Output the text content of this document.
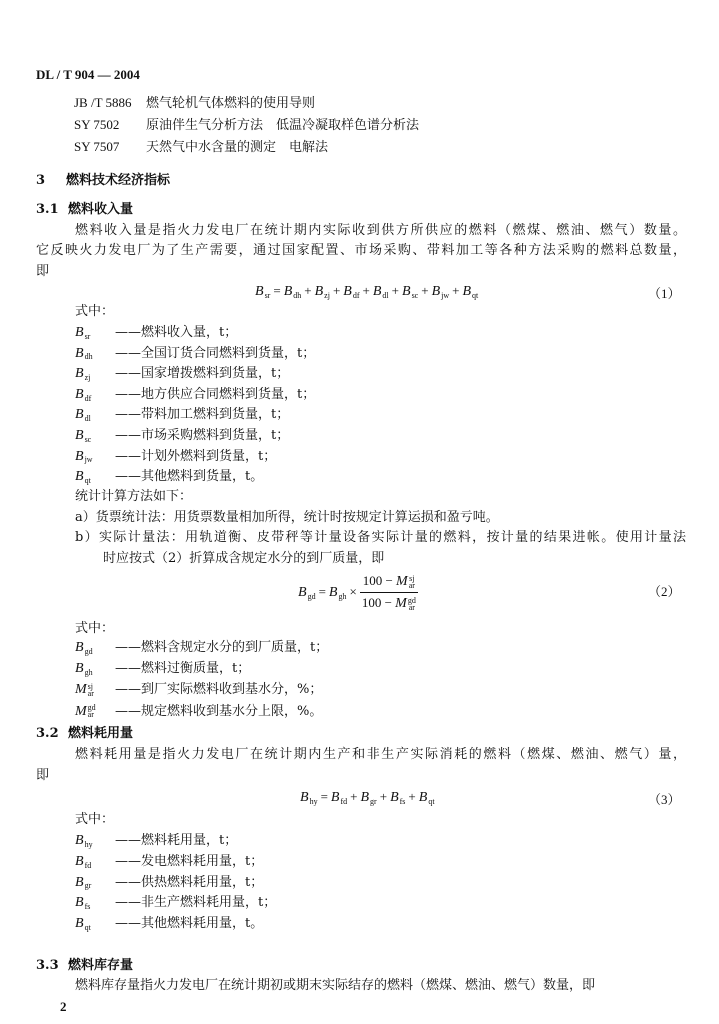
DL / T 904 — 2004
JB /T 5886 燃气轮机气体燃料的使用导则
SY 7502 原油伴生气分析方法　低温冷凝取样色谱分析法
SY 7507 天然气中水含量的测定　电解法
3 燃料技术经济指标
3.1 燃料收入量
燃料收入量是指火力发电厂在统计期内实际收到供方所供应的燃料（燃煤、燃油、燃气）数量。
它反映火力发电厂为了生产需要，通过国家配置、市场采购、带料加工等各种方法采购的燃料总数量，
即
B
sr = B
dh + B
zj + B
df + B
dl + B
sc + B
jw + B
qt	（1）
式中：
B
sr ——燃料收入量，t；
B
dh ——全国订货合同燃料到货量，t；
B
zj ——国家增拨燃料到货量，t；
B
df ——地方供应合同燃料到货量，t；
B
dl ——带料加工燃料到货量，t；
B
sc ——市场采购燃料到货量，t；
B
jw ——计划外燃料到货量，t；
B
qt ——其他燃料到货量，t。
统计计算方法如下：
a）货票统计法：用货票数量相加所得，统计时按规定计算运损和盈亏吨。
b）实际计量法：用轨道衡、皮带秤等计量设备实际计量的燃料，按计量的结果进帐。使用计量法
时应按式（2）折算成含规定水分的到厂质量，即
B
gd = B
gh × 100 − M sj
ar
100 − M gd
ar	（2）
式中：
B
gd ——燃料含规定水分的到厂质量，t；
B
gh ——燃料过衡质量，t；
M sj
ar ——到厂实际燃料收到基水分，%；
M gd
ar ——规定燃料收到基水分上限，%。
3.2 燃料耗用量
燃料耗用量是指火力发电厂在统计期内生产和非生产实际消耗的燃料（燃煤、燃油、燃气）量，
即
B
hy = B
fd + B
gr + B
fs + B
qt	（3）
式中：
B
hy ——燃料耗用量，t；
B
fd ——发电燃料耗用量，t；
B
gr ——供热燃料耗用量，t；
B
fs ——非生产燃料耗用量，t；
B
qt ——其他燃料耗用量，t。
3.3 燃料库存量
燃料库存量指火力发电厂在统计期初或期末实际结存的燃料（燃煤、燃油、燃气）数量，即
2
